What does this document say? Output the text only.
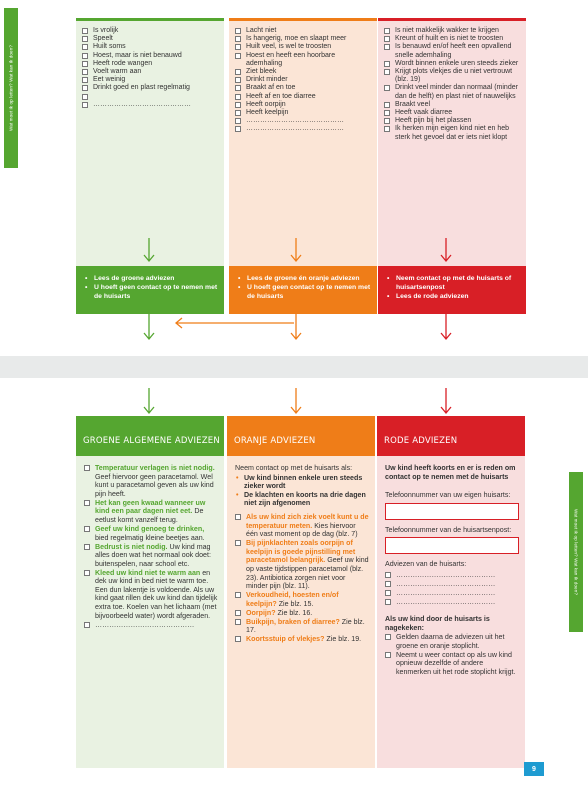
Wat moet ik op letten? Wat kan ik doen?
Is vrolijk
Speelt
Huilt soms
Hoest, maar is niet benauwd
Heeft rode wangen
Voelt warm aan
Eet weinig
Drinkt goed en plast regelmatig

……………………………………
• Lees de groene adviezen
• U hoeft geen contact op te nemen met de huisarts
Lacht niet
Is hangerig, moe en slaapt meer
Huilt veel, is wel te troosten
Hoest en heeft een hoorbare ademhaling
Ziet bleek
Drinkt minder
Braakt af en toe
Heeft af en toe diarree
Heeft oorpijn
Heeft keelpijn
……………………………………
……………………………………
• Lees de groene én oranje adviezen
• U hoeft geen contact op te nemen met de huisarts
Is niet makkelijk wakker te krijgen
Kreunt of huilt en is niet te troosten
Is benauwd en/of heeft een opvallend snelle ademhaling
Wordt binnen enkele uren steeds zieker
Krijgt plots vlekjes die u niet vertrouwt (blz. 19)
Drinkt veel minder dan normaal (minder dan de helft) en plast niet of nauwelijks
Braakt veel
Heeft vaak diarree
Heeft pijn bij het plassen
Ik herken mijn eigen kind niet en heb sterk het gevoel dat er iets niet klopt
• Neem contact op met de huisarts of huisartsenpost
• Lees de rode adviezen
GROENE ALGEMENE ADVIEZEN
Temperatuur verlagen is niet nodig. Geef hiervoor geen paracetamol. Wel kunt u paracetamol geven als uw kind pijn heeft.
Het kan geen kwaad wanneer uw kind een paar dagen niet eet. De eetlust komt vanzelf terug.
Geef uw kind genoeg te drinken, bied regelmatig kleine beetjes aan.
Bedrust is niet nodig. Uw kind mag alles doen wat het normaal ook doet: buitenspelen, naar school etc.
Kleed uw kind niet te warm aan en dek uw kind in bed niet te warm toe. Een dun lakentje is voldoende. Als uw kind gaat rillen dek uw kind dan tijdelijk extra toe. Koelen van het lichaam (met bijvoorbeeld water) wordt afgeraden.
……………………………………
ORANJE ADVIEZEN

Neem contact op met de huisarts als:

• Uw kind binnen enkele uren steeds zieker wordt
• De klachten en koorts na drie dagen niet zijn afgenomen
Als uw kind zich ziek voelt kunt u de temperatuur meten. Kies hiervoor één vast moment op de dag (blz. 7)
Bij pijnklachten zoals oorpijn of keelpijn is goede pijnstilling met paracetamol belangrijk. Geef uw kind op vaste tijdstippen paracetamol (blz. 23). Antibiotica zorgen niet voor minder pijn (blz. 11).
Verkoudheid, hoesten en/of keelpijn? Zie blz. 15.
Oorpijn? Zie blz. 16.
Buikpijn, braken of diarree? Zie blz. 17.
Koortsstuip of vlekjes? Zie blz. 19.
RODE ADVIEZEN

Uw kind heeft koorts en er is reden om contact op te nemen met de huisarts

Telefoonnummer van uw eigen huisarts:

Telefoonnummer van de huisartsenpost:

Adviezen van de huisarts:

……………………………………
……………………………………
……………………………………
……………………………………

Als uw kind door de huisarts is nagekeken:

Gelden daarna de adviezen uit het groene en oranje stoplicht.
Neemt u weer contact op als uw kind opnieuw dezelfde of andere kenmerken uit het rode stoplicht krijgt.
Wat moet ik op letten? Wat kan ik doen?
9
